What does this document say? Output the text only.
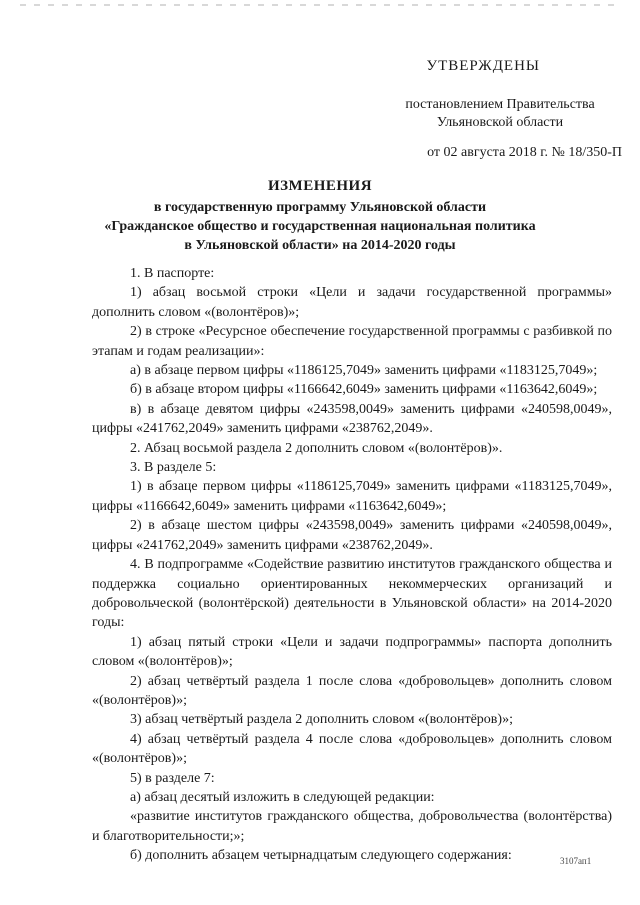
УТВЕРЖДЕНЫ
постановлением Правительства
Ульяновской области
от 02 августа 2018 г. № 18/350-П
ИЗМЕНЕНИЯ
в государственную программу Ульяновской области
«Гражданское общество и государственная национальная политика
в Ульяновской области» на 2014-2020 годы

1. В паспорте:

1) абзац восьмой строки «Цели и задачи государственной программы» дополнить словом «(волонтёров)»;

2) в строке «Ресурсное обеспечение государственной программы с разбивкой по этапам и годам реализации»:

а) в абзаце первом цифры «1186125,7049» заменить цифрами «1183125,7049»;

б) в абзаце втором цифры «1166642,6049» заменить цифрами «1163642,6049»;

в) в абзаце девятом цифры «243598,0049» заменить цифрами «240598,0049», цифры «241762,2049» заменить цифрами «238762,2049».

2. Абзац восьмой раздела 2 дополнить словом «(волонтёров)».

3. В разделе 5:

1) в абзаце первом цифры «1186125,7049» заменить цифрами «1183125,7049», цифры «1166642,6049» заменить цифрами «1163642,6049»;

2) в абзаце шестом цифры «243598,0049» заменить цифрами «240598,0049», цифры «241762,2049» заменить цифрами «238762,2049».

4. В подпрограмме «Содействие развитию институтов гражданского общества и поддержка социально ориентированных некоммерческих организаций и добровольческой (волонтёрской) деятельности в Ульяновской области» на 2014-2020 годы:

1) абзац пятый строки «Цели и задачи подпрограммы» паспорта дополнить словом «(волонтёров)»;

2) абзац четвёртый раздела 1 после слова «добровольцев» дополнить словом «(волонтёров)»;

3) абзац четвёртый раздела 2 дополнить словом «(волонтёров)»;

4) абзац четвёртый раздела 4 после слова «добровольцев» дополнить словом «(волонтёров)»;

5) в разделе 7:

а) абзац десятый изложить в следующей редакции:

«развитие институтов гражданского общества, добровольчества (волонтёрства) и благотворительности;»;

б) дополнить абзацем четырнадцатым следующего содержания:	3107ап1
